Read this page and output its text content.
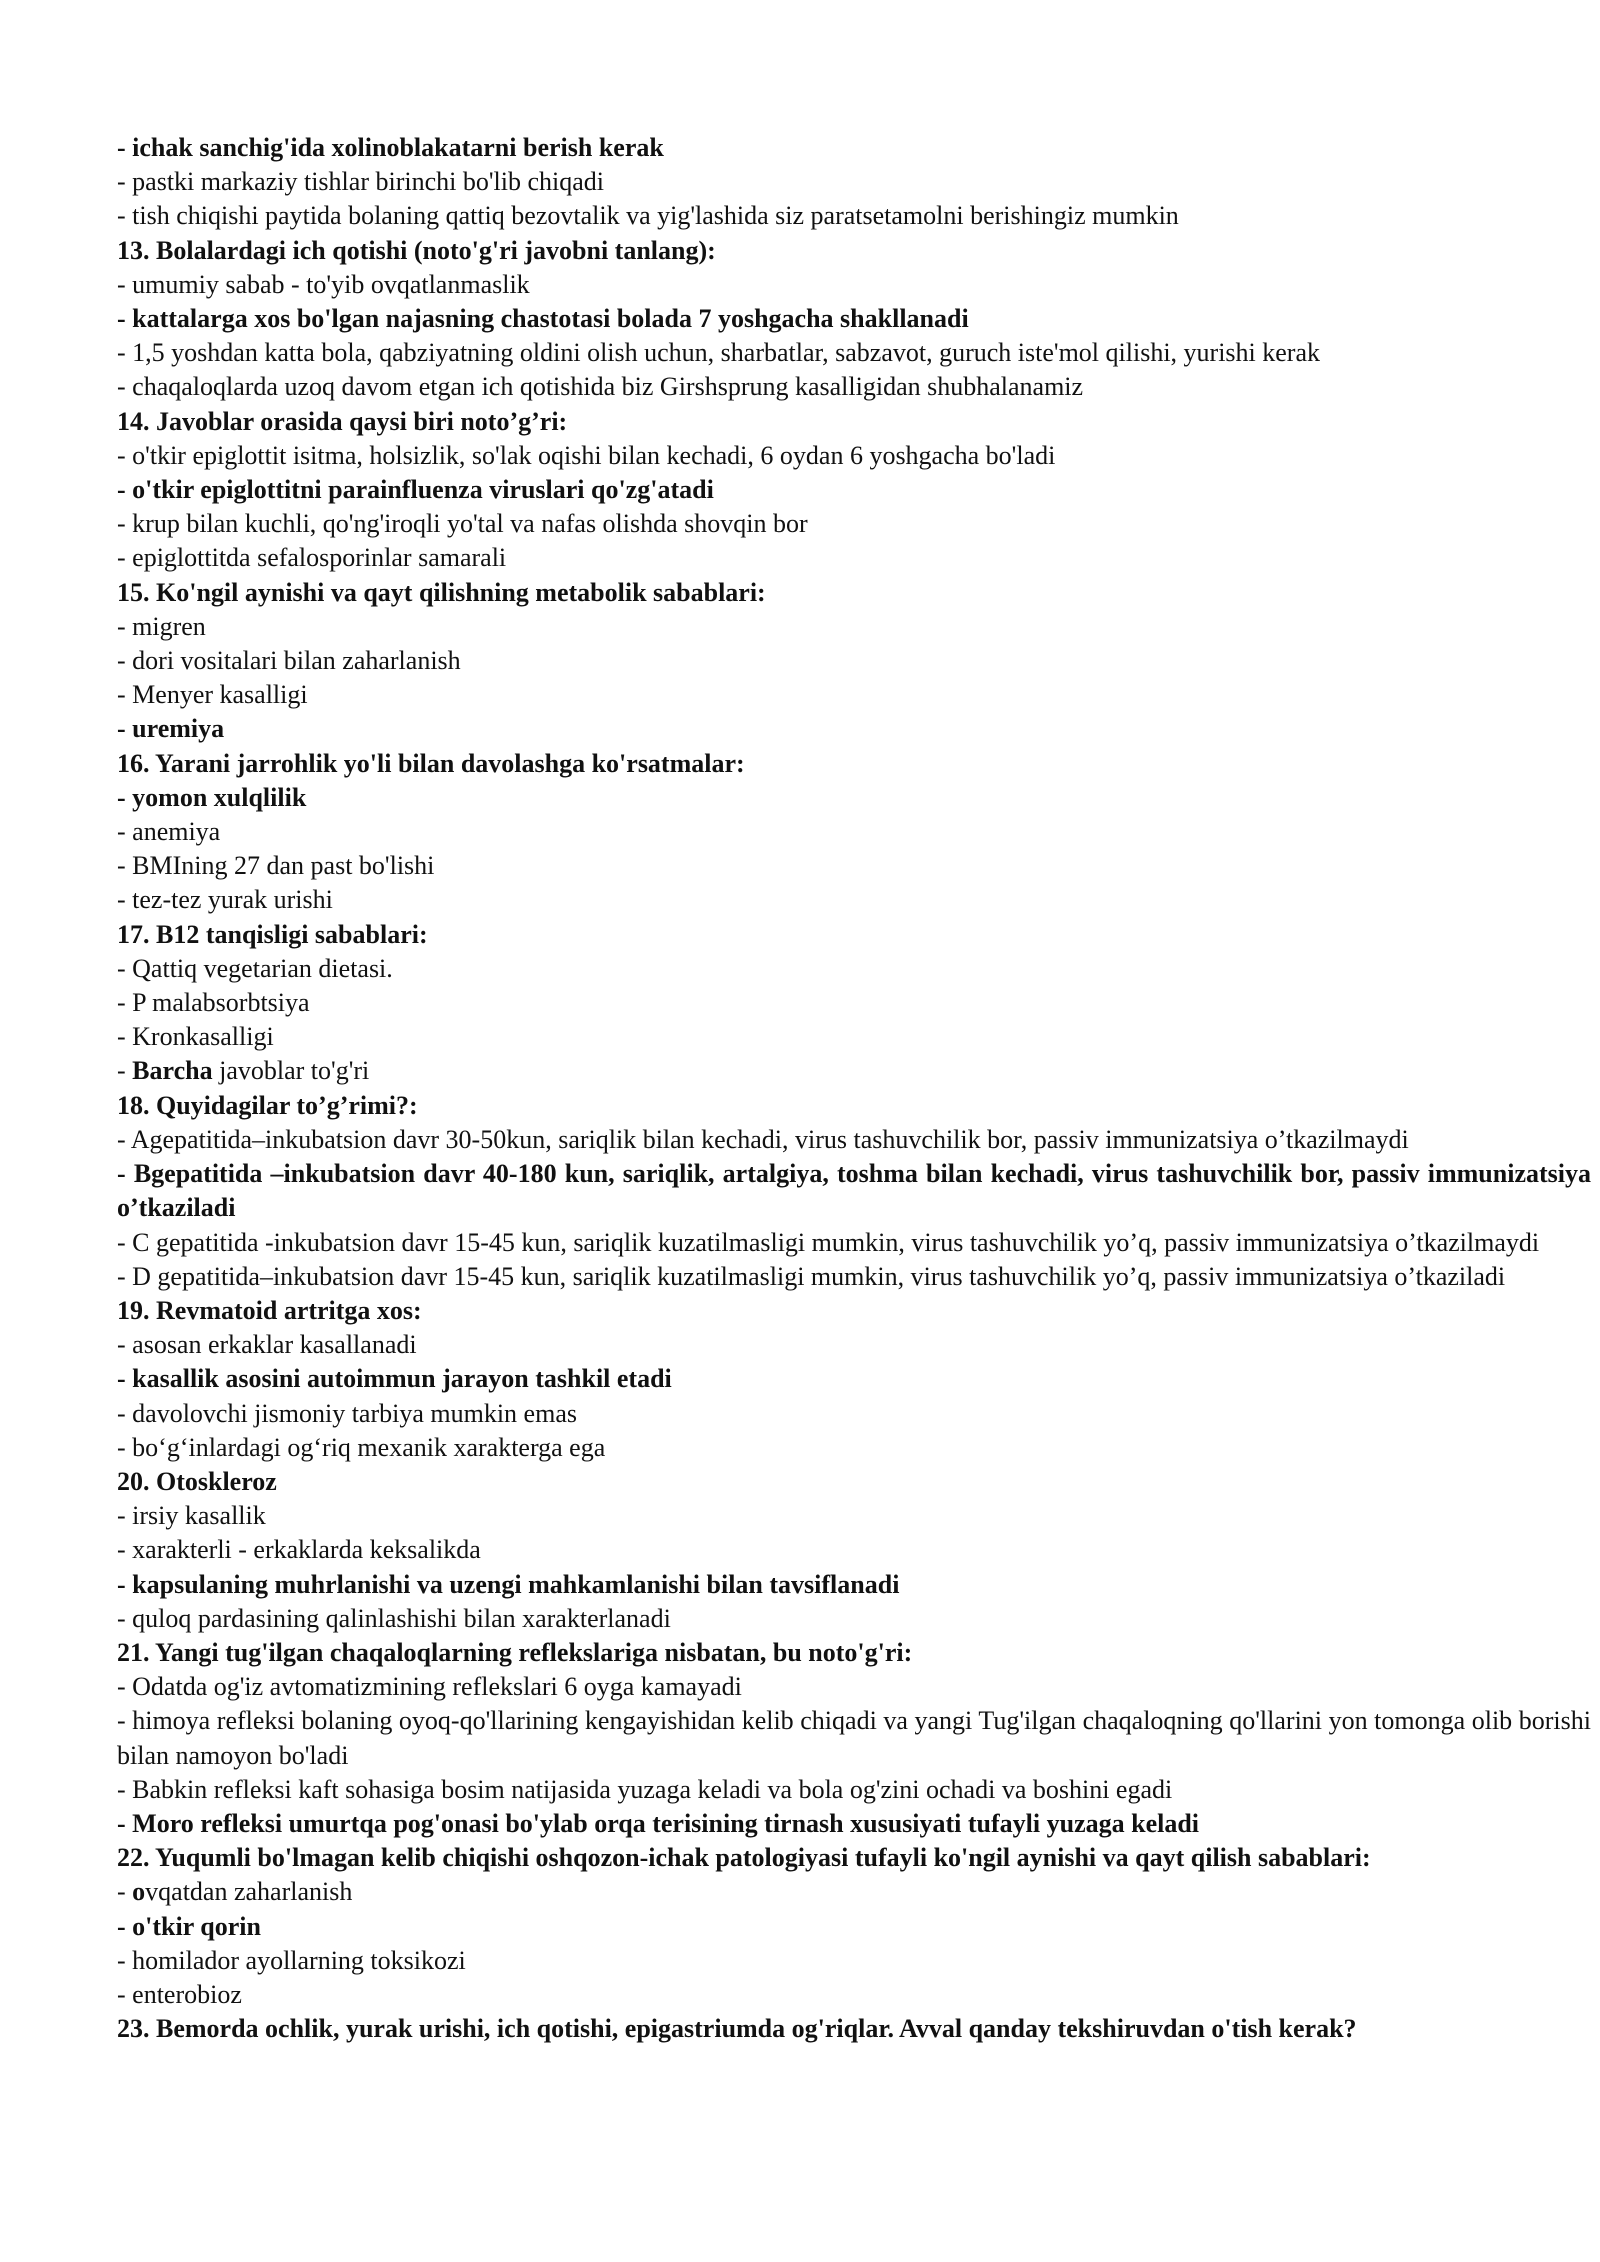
- ichak sanchig'ida xolinoblakatarni berish kerak
- pastki markaziy tishlar birinchi bo'lib chiqadi
- tish chiqishi paytida bolaning qattiq bezovtalik va yig'lashida siz paratsetamolni berishingiz mumkin
13. Bolalardagi ich qotishi (noto'g'ri javobni tanlang):
- umumiy sabab - to'yib ovqatlanmaslik
- kattalarga xos bo'lgan najasning chastotasi bolada 7 yoshgacha shakllanadi
- 1,5 yoshdan katta bola, qabziyatning oldini olish uchun, sharbatlar, sabzavot, guruch iste'mol qilishi, yurishi kerak
- chaqaloqlarda uzoq davom etgan ich qotishida biz Girshsprung kasalligidan shubhalanamiz
14. Javoblar orasida qaysi biri noto’g’ri:
- o'tkir epiglottit isitma, holsizlik, so'lak oqishi bilan kechadi, 6 oydan 6 yoshgacha bo'ladi
- o'tkir epiglottitni parainfluenza viruslari qo'zg'atadi
- krup bilan kuchli, qo'ng'iroqli yo'tal va nafas olishda shovqin bor
- epiglottitda sefalosporinlar samarali
15. Ko'ngil aynishi va qayt qilishning metabolik sabablari:
- migren
- dori vositalari bilan zaharlanish
- Menyer kasalligi
- uremiya
16. Yarani jarrohlik yo'li bilan davolashga ko'rsatmalar:
- yomon xulqlilik
- anemiya
- BMIning 27 dan past bo'lishi
- tez-tez yurak urishi
17. B12 tanqisligi sabablari:
- Qattiq vegetarian dietasi.
- P malabsorbtsiya
- Kronkasalligi
- Barcha javoblar to'g'ri
18. Quyidagilar to’g’rimi?:
- Agepatitida–inkubatsion davr 30-50kun, sariqlik bilan kechadi, virus tashuvchilik bor, passiv immunizatsiya o’tkazilmaydi
- Bgepatitida –inkubatsion davr 40-180 kun, sariqlik, artalgiya, toshma bilan kechadi, virus tashuvchilik bor, passiv immunizatsiya o’tkaziladi
- C gepatitida -inkubatsion davr 15-45 kun, sariqlik kuzatilmasligi mumkin, virus tashuvchilik yo’q, passiv immunizatsiya o’tkazilmaydi
- D gepatitida–inkubatsion davr 15-45 kun, sariqlik kuzatilmasligi mumkin, virus tashuvchilik yo’q, passiv immunizatsiya o’tkaziladi
19. Revmatoid artritga xos:
- asosan erkaklar kasallanadi
- kasallik asosini autoimmun jarayon tashkil etadi
- davolovchi jismoniy tarbiya mumkin emas
- bo‘g‘inlardagi og‘riq mexanik xarakterga ega
20. Otoskleroz
- irsiy kasallik
- xarakterli - erkaklarda keksalikda
- kapsulaning muhrlanishi va uzengi mahkamlanishi bilan tavsiflanadi
- quloq pardasining qalinlashishi bilan xarakterlanadi
21. Yangi tug'ilgan chaqaloqlarning reflekslariga nisbatan, bu noto'g'ri:
- Odatda og'iz avtomatizmining reflekslari 6 oyga kamayadi
- himoya refleksi bolaning oyoq-qo'llarining kengayishidan kelib chiqadi va yangi Tug'ilgan chaqaloqning qo'llarini yon tomonga olib borishi bilan namoyon bo'ladi
- Babkin refleksi kaft sohasiga bosim natijasida yuzaga keladi va bola og'zini ochadi va boshini egadi
- Moro refleksi umurtqa pog'onasi bo'ylab orqa terisining tirnash xususiyati tufayli yuzaga keladi
22. Yuqumli bo'lmagan kelib chiqishi oshqozon-ichak patologiyasi tufayli ko'ngil aynishi va qayt qilish sabablari:
- ovqatdan zaharlanish
- o'tkir qorin
- homilador ayollarning toksikozi
- enterobioz
23. Bemorda ochlik, yurak urishi, ich qotishi, epigastriumda og'riqlar. Avval qanday tekshiruvdan o'tish kerak?
